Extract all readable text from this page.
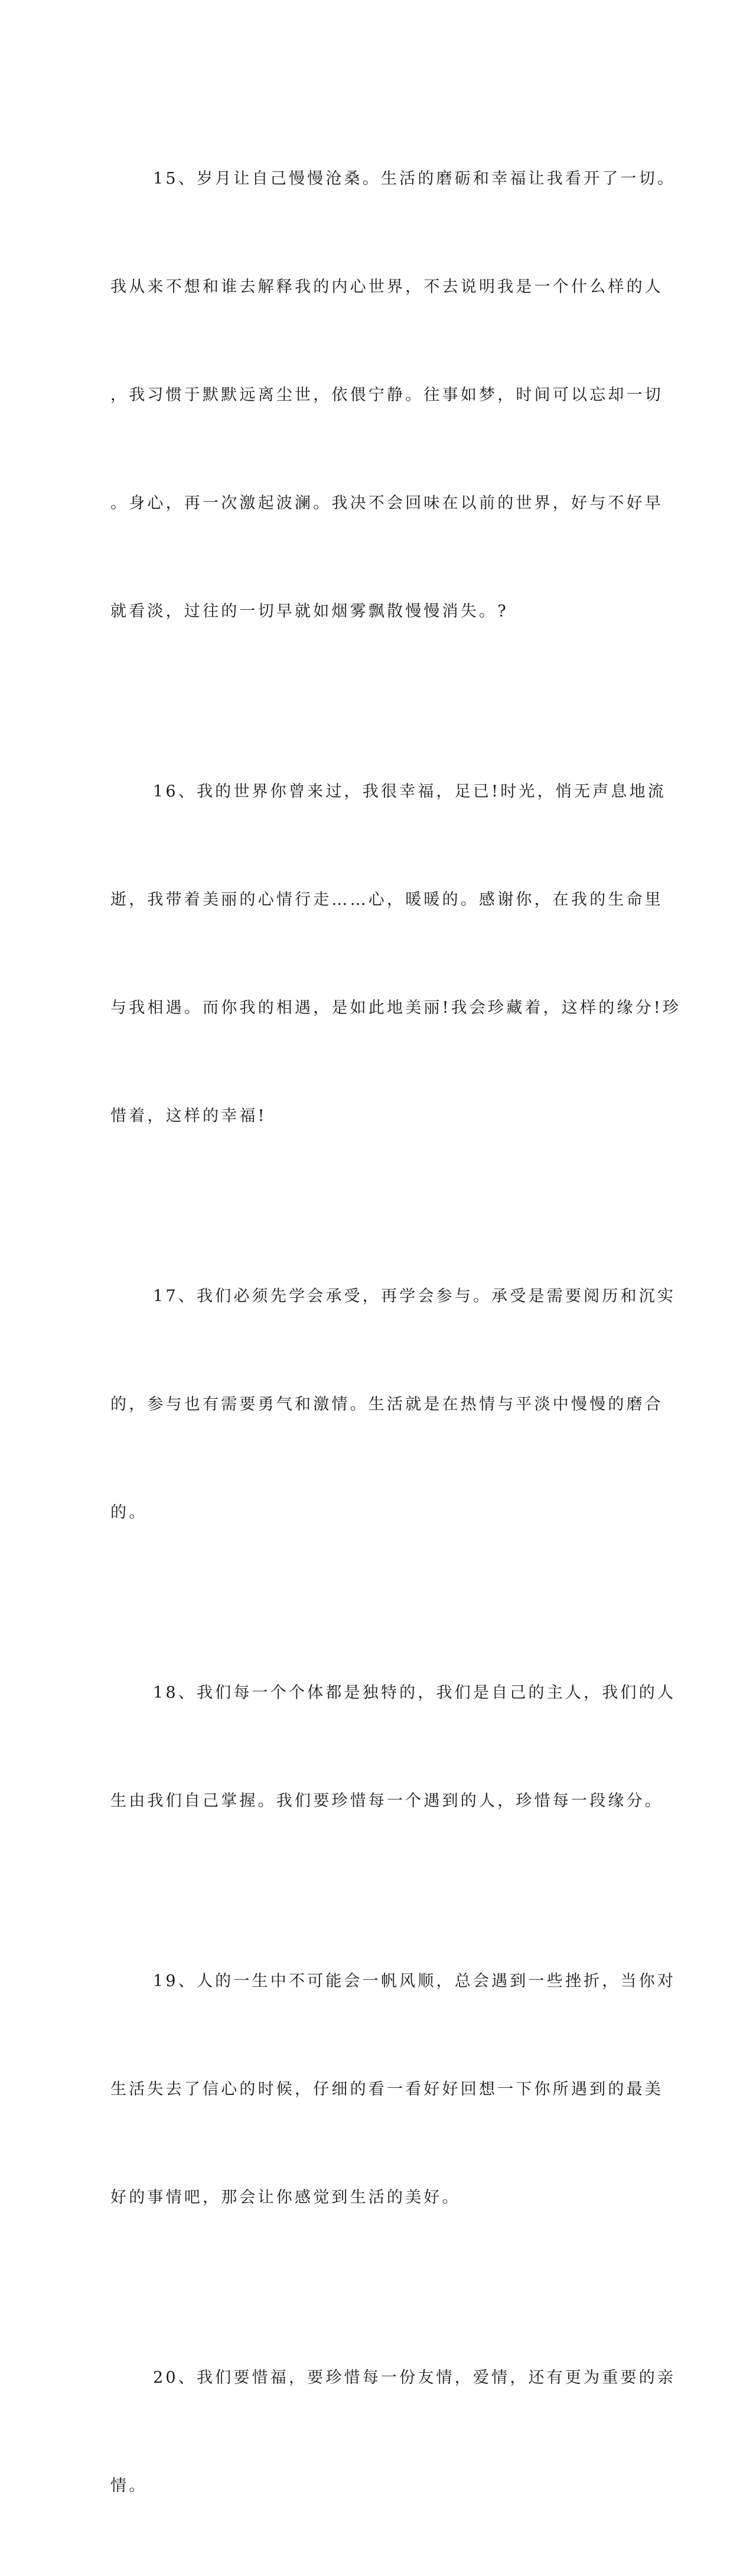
15、岁月让自己慢慢沧桑。生活的磨砺和幸福让我看开了一切。

我从来不想和谁去解释我的内心世界，不去说明我是一个什么样的人

，我习惯于默默远离尘世，依偎宁静。往事如梦，时间可以忘却一切

。身心，再一次激起波澜。我决不会回味在以前的世界，好与不好早

就看淡，过往的一切早就如烟雾飘散慢慢消失。?

16、我的世界你曾来过，我很幸福，足已!时光，悄无声息地流

逝，我带着美丽的心情行走……心，暖暖的。感谢你，在我的生命里

与我相遇。而你我的相遇，是如此地美丽!我会珍藏着，这样的缘分!珍

惜着，这样的幸福!

17、我们必须先学会承受，再学会参与。承受是需要阅历和沉实

的，参与也有需要勇气和激情。生活就是在热情与平淡中慢慢的磨合

的。

18、我们每一个个体都是独特的，我们是自己的主人，我们的人

生由我们自己掌握。我们要珍惜每一个遇到的人，珍惜每一段缘分。

19、人的一生中不可能会一帆风顺，总会遇到一些挫折，当你对

生活失去了信心的时候，仔细的看一看好好回想一下你所遇到的最美

好的事情吧，那会让你感觉到生活的美好。

20、我们要惜福，要珍惜每一份友情，爱情，还有更为重要的亲

情。
